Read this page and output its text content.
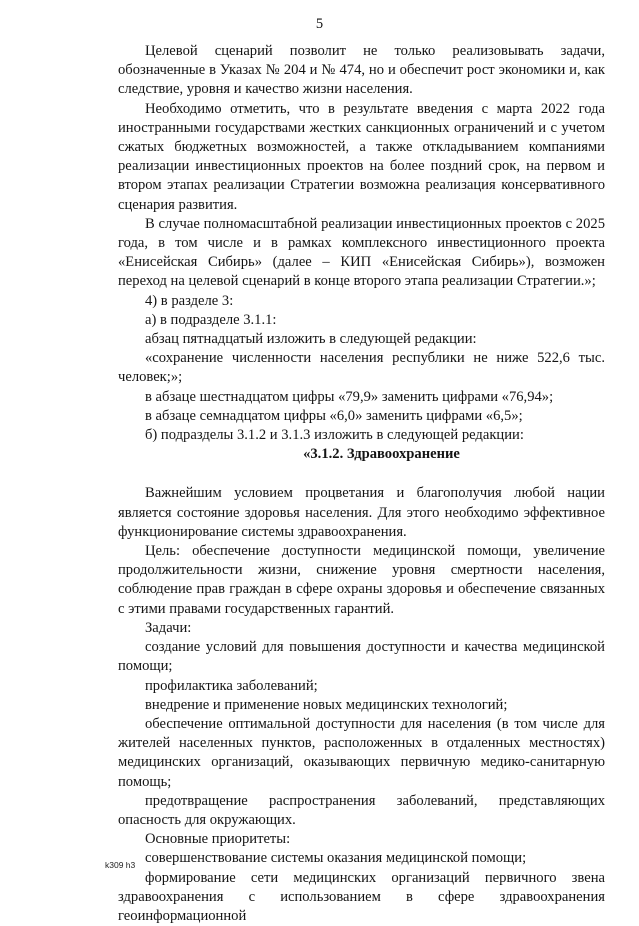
5

Целевой сценарий позволит не только реализовывать задачи, обозначенные в Указах № 204 и № 474, но и обеспечит рост экономики и, как следствие, уровня и качество жизни населения.

Необходимо отметить, что в результате введения с марта 2022 года иностранными государствами жестких санкционных ограничений и с учетом сжатых бюджетных возможностей, а также откладыванием компаниями реализации инвестиционных проектов на более поздний срок, на первом и втором этапах реализации Стратегии возможна реализация консервативного сценария развития.

В случае полномасштабной реализации инвестиционных проектов с 2025 года, в том числе и в рамках комплексного инвестиционного проекта «Енисейская Сибирь» (далее – КИП «Енисейская Сибирь»), возможен переход на целевой сценарий в конце второго этапа реализации Стратегии.»;

4) в разделе 3:

а) в подразделе 3.1.1:

абзац пятнадцатый изложить в следующей редакции:

«сохранение численности населения республики не ниже 522,6 тыс. человек;»;

в абзаце шестнадцатом цифры «79,9» заменить цифрами «76,94»;

в абзаце семнадцатом цифры «6,0» заменить цифрами «6,5»;

б) подразделы 3.1.2 и 3.1.3 изложить в следующей редакции:

«3.1.2. Здравоохранение

Важнейшим условием процветания и благополучия любой нации является состояние здоровья населения. Для этого необходимо эффективное функционирование системы здравоохранения.

Цель: обеспечение доступности медицинской помощи, увеличение продолжительности жизни, снижение уровня смертности населения, соблюдение прав граждан в сфере охраны здоровья и обеспечение связанных с этими правами государственных гарантий.

Задачи:

создание условий для повышения доступности и качества медицинской помощи;

профилактика заболеваний;

внедрение и применение новых медицинских технологий;

обеспечение оптимальной доступности для населения (в том числе для жителей населенных пунктов, расположенных в отдаленных местностях) медицинских организаций, оказывающих первичную медико-санитарную помощь;

предотвращение распространения заболеваний, представляющих опасность для окружающих.

Основные приоритеты:

совершенствование системы оказания медицинской помощи;

формирование сети медицинских организаций первичного звена здравоохранения с использованием в сфере здравоохранения геоинформационной

k309 h3
